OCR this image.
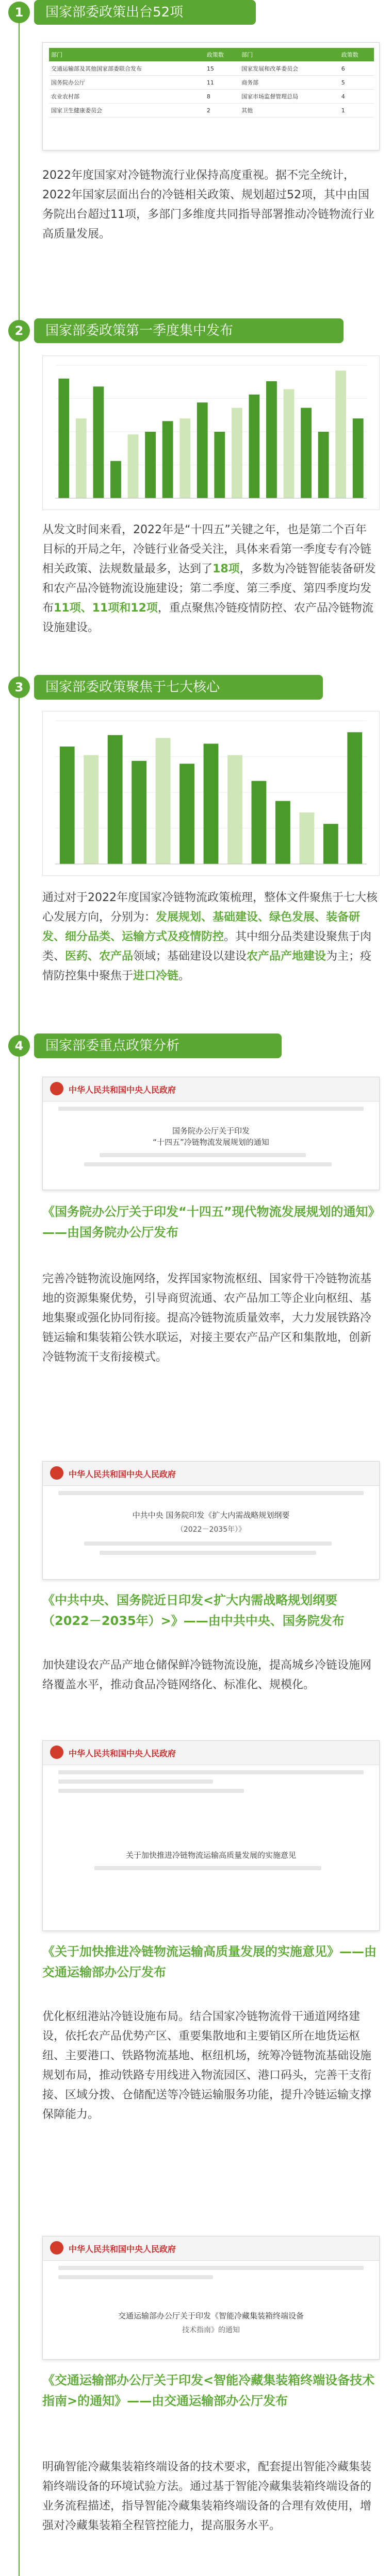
1	国家部委政策出台52项
部门	政策数	部门	政策数
交通运输部及其他国家部委联合发布	15	国家发展和改革委员会	6
国务院办公厅	11	商务部	5
农业农村部	8	国家市场监督管理总局	4
国家卫生健康委员会	2	其他	1
2022年度国家对冷链物流行业保持高度重视。据不完全统计，2022年国家层面出台的冷链相关政策、规划超过52项，其中由国务院出台超过11项，多部门多维度共同指导部署推动冷链物流行业高质量发展。
2	国家部委政策第一季度集中发布
从发文时间来看，2022年是“十四五”关键之年，也是第二个百年目标的开局之年，冷链行业备受关注，具体来看第一季度专有冷链相关政策、法规数量最多，达到了18项，多数为冷链智能装备研发和农产品冷链物流设施建设；第二季度、第三季度、第四季度均发布11项、11项和12项，重点聚焦冷链疫情防控、农产品冷链物流设施建设。
3	国家部委政策聚焦于七大核心
通过对于2022年度国家冷链物流政策梳理，整体文件聚焦于七大核心发展方向，分别为：发展规划、基础建设、绿色发展、装备研发、细分品类、运输方式及疫情防控。其中细分品类建设聚焦于肉类、医药、农产品领域；基础建设以建设农产品产地建设为主；疫情防控集中聚焦于进口冷链。
4	国家部委重点政策分析
中华人民共和国中央人民政府
国务院办公厅关于印发
“十四五”冷链物流发展规划的通知
《国务院办公厅关于印发“十四五”现代物流发展规划的通知》——由国务院办公厅发布
完善冷链物流设施网络，发挥国家物流枢纽、国家骨干冷链物流基地的资源集聚优势，引导商贸流通、农产品加工等企业向枢纽、基地集聚或强化协同衔接。提高冷链物流质量效率，大力发展铁路冷链运输和集装箱公铁水联运，对接主要农产品产区和集散地，创新冷链物流干支衔接模式。
中华人民共和国中央人民政府
中共中央 国务院印发《扩大内需战略规划纲要
（2022－2035年）》
《中共中央、国务院近日印发<扩大内需战略规划纲要（2022－2035年）>》——由中共中央、国务院发布
加快建设农产品产地仓储保鲜冷链物流设施，提高城乡冷链设施网络覆盖水平，推动食品冷链网络化、标准化、规模化。
中华人民共和国中央人民政府
关于加快推进冷链物流运输高质量发展的实施意见
《关于加快推进冷链物流运输高质量发展的实施意见》——由交通运输部办公厅发布
优化枢纽港站冷链设施布局。结合国家冷链物流骨干通道网络建设，依托农产品优势产区、重要集散地和主要销区所在地货运枢纽、主要港口、铁路物流基地、枢纽机场，统筹冷链物流基础设施规划布局，推动铁路专用线进入物流园区、港口码头，完善干支衔接、区域分拨、仓储配送等冷链运输服务功能，提升冷链运输支撑保障能力。
中华人民共和国中央人民政府
交通运输部办公厅关于印发《智能冷藏集装箱终端设备
技术指南》的通知
《交通运输部办公厅关于印发<智能冷藏集装箱终端设备技术指南>的通知》——由交通运输部办公厅发布
明确智能冷藏集装箱终端设备的技术要求，配套提出智能冷藏集装箱终端设备的环境试验方法。通过基于智能冷藏集装箱终端设备的业务流程描述，指导智能冷藏集装箱终端设备的合理有效使用，增强对冷藏集装箱全程管控能力，提高服务水平。
